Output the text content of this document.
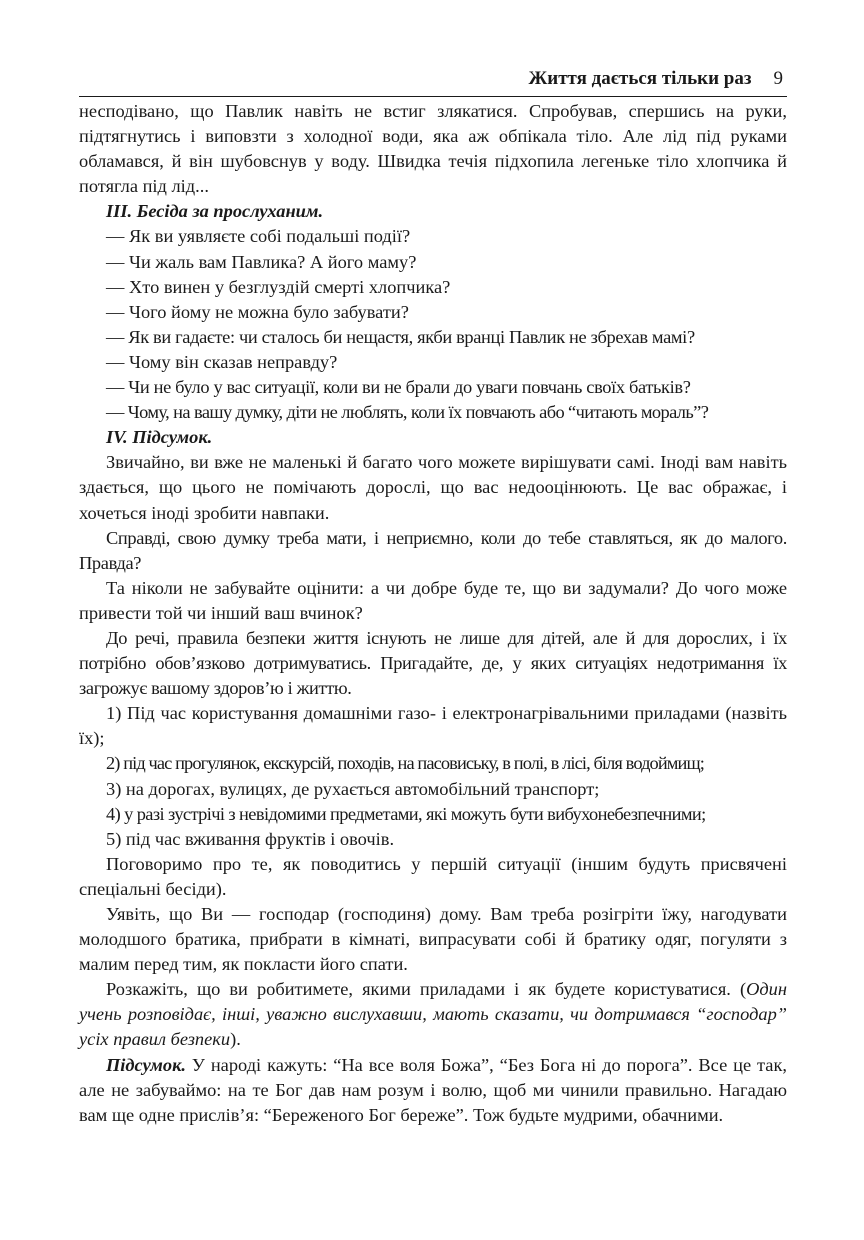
Життя дається тільки раз 9

несподівано, що Павлик навіть не встиг злякатися. Спробував, спершись на руки, підтягнутись і виповзти з холодної води, яка аж обпікала тіло. Але лід під руками обламався, й він шубовснув у воду. Швидка течія підхопила легеньке тіло хлопчика й потягла під лід...

III. Бесіда за прослуханим.

— Як ви уявляєте собі подальші події?

— Чи жаль вам Павлика? А його маму?

— Хто винен у безглуздій смерті хлопчика?

— Чого йому не можна було забувати?

— Як ви гадаєте: чи сталось би нещастя, якби вранці Павлик не збрехав мамі?

— Чому він сказав неправду?

— Чи не було у вас ситуації, коли ви не брали до уваги повчань своїх батьків?

— Чому, на вашу думку, діти не люблять, коли їх повчають або “читають мораль”?

IV. Підсумок.

Звичайно, ви вже не маленькі й багато чого можете вирішувати самі. Іноді вам навіть здається, що цього не помічають дорослі, що вас недооцінюють. Це вас ображає, і хочеться іноді зробити навпаки.

Справді, свою думку треба мати, і неприємно, коли до тебе ставляться, як до малого. Правда?

Та ніколи не забувайте оцінити: а чи добре буде те, що ви задумали? До чого може привести той чи інший ваш вчинок?

До речі, правила безпеки життя існують не лише для дітей, але й для дорослих, і їх потрібно обов’язково дотримуватись. Пригадайте, де, у яких ситуаціях недотримання їх загрожує вашому здоров’ю і життю.

1) Під час користування домашніми газо- і електронагрівальними приладами (назвіть їх);

2) під час прогулянок, екскурсій, походів, на пасовиську, в полі, в лісі, біля водоймищ;

3) на дорогах, вулицях, де рухається автомобільний транспорт;

4) у разі зустрічі з невідомими предметами, які можуть бути вибухонебезпечними;

5) під час вживання фруктів і овочів.

Поговоримо про те, як поводитись у першій ситуації (іншим будуть присвячені спеціальні бесіди).

Уявіть, що Ви — господар (господиня) дому. Вам треба розігріти їжу, нагодувати молодшого братика, прибрати в кімнаті, випрасувати собі й братику одяг, погуляти з малим перед тим, як покласти його спати.

Розкажіть, що ви робитимете, якими приладами і як будете користуватися. (Один учень розповідає, інші, уважно вислухавши, мають сказати, чи дотримався “господар” усіх правил безпеки).

Підсумок. У народі кажуть: “На все воля Божа”, “Без Бога ні до порога”. Все це так, але не забуваймо: на те Бог дав нам розум і волю, щоб ми чинили правильно. Нагадаю вам ще одне прислів’я: “Береженого Бог береже”. Тож будьте мудрими, обачними.
